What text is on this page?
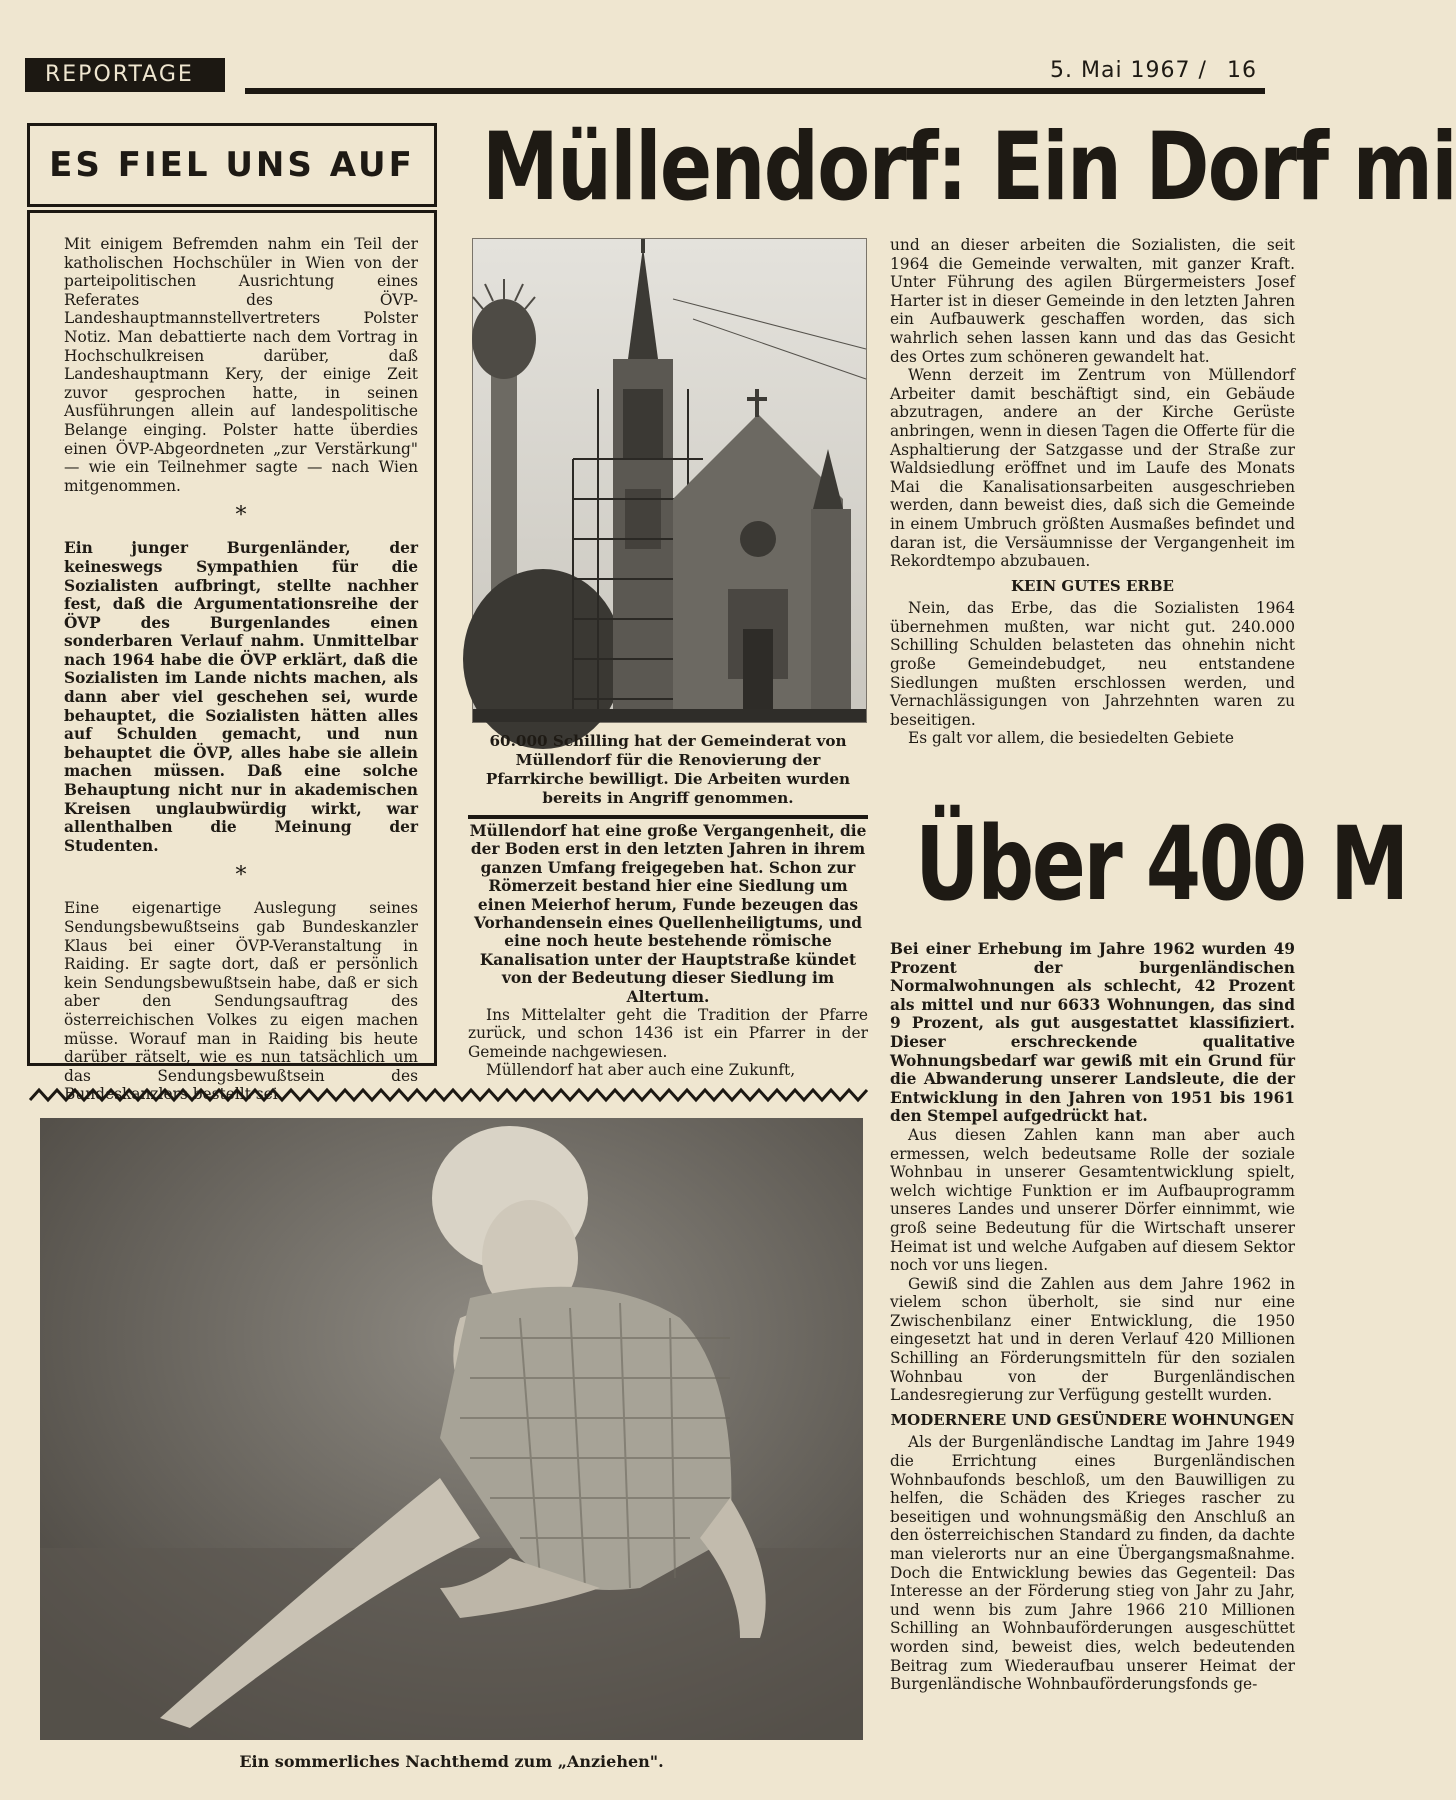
REPORTAGE	5. Mai 1967 / 16
ES FIEL UNS AUF

Mit einigem Befremden nahm ein Teil der katholischen Hochschüler in Wien von der parteipolitischen Ausrichtung eines Referates des ÖVP-Landeshauptmannstellvertreters Polster Notiz. Man debattierte nach dem Vortrag in Hochschulkreisen darüber, daß Landeshauptmann Kery, der einige Zeit zuvor gesprochen hatte, in seinen Ausführungen allein auf landespolitische Belange einging. Polster hatte überdies einen ÖVP-Abgeordneten „zur Verstärkung" — wie ein Teilnehmer sagte — nach Wien mitgenommen.

*

Ein junger Burgenländer, der keineswegs Sympathien für die Sozialisten aufbringt, stellte nachher fest, daß die Argumentationsreihe der ÖVP des Burgenlandes einen sonderbaren Verlauf nahm. Unmittelbar nach 1964 habe die ÖVP erklärt, daß die Sozialisten im Lande nichts machen, als dann aber viel geschehen sei, wurde behauptet, die Sozialisten hätten alles auf Schulden gemacht, und nun behauptet die ÖVP, alles habe sie allein machen müssen. Daß eine solche Behauptung nicht nur in akademischen Kreisen unglaubwürdig wirkt, war allenthalben die Meinung der Studenten.

*

Eine eigenartige Auslegung seines Sendungsbewußtseins gab Bundeskanzler Klaus bei einer ÖVP-Veranstaltung in Raiding. Er sagte dort, daß er persönlich kein Sendungsbewußtsein habe, daß er sich aber den Sendungsauftrag des österreichischen Volkes zu eigen machen müsse. Worauf man in Raiding bis heute darüber rätselt, wie es nun tatsächlich um das Sendungsbewußtsein des Bundeskanzlers bestellt sei.

Müllendorf: Ein Dorf mi
60.000 Schilling hat der Gemeinderat von Müllendorf für die Renovierung der Pfarrkirche bewilligt. Die Arbeiten wurden bereits in Angriff genommen.

Müllendorf hat eine große Vergangenheit, die der Boden erst in den letzten Jahren in ihrem ganzen Umfang freigegeben hat. Schon zur Römerzeit bestand hier eine Siedlung um einen Meierhof herum, Funde bezeugen das Vorhandensein eines Quellenheiligtums, und eine noch heute bestehende römische Kanalisation unter der Hauptstraße kündet von der Bedeutung dieser Siedlung im Altertum.

Ins Mittelalter geht die Tradition der Pfarre zurück, und schon 1436 ist ein Pfarrer in der Gemeinde nachgewiesen.

Müllendorf hat aber auch eine Zukunft,

und an dieser arbeiten die Sozialisten, die seit 1964 die Gemeinde verwalten, mit ganzer Kraft. Unter Führung des agilen Bürgermeisters Josef Harter ist in dieser Gemeinde in den letzten Jahren ein Aufbauwerk geschaffen worden, das sich wahrlich sehen lassen kann und das das Gesicht des Ortes zum schöneren gewandelt hat.

Wenn derzeit im Zentrum von Müllendorf Arbeiter damit beschäftigt sind, ein Gebäude abzutragen, andere an der Kirche Gerüste anbringen, wenn in diesen Tagen die Offerte für die Asphaltierung der Satzgasse und der Straße zur Waldsiedlung eröffnet und im Laufe des Monats Mai die Kanalisationsarbeiten ausgeschrieben werden, dann beweist dies, daß sich die Gemeinde in einem Umbruch größten Ausmaßes befindet und daran ist, die Versäumnisse der Vergangenheit im Rekordtempo abzubauen.

KEIN GUTES ERBE

Nein, das Erbe, das die Sozialisten 1964 übernehmen mußten, war nicht gut. 240.000 Schilling Schulden belasteten das ohnehin nicht große Gemeindebudget, neu entstandene Siedlungen mußten erschlossen werden, und Vernachlässigungen von Jahrzehnten waren zu beseitigen.

Es galt vor allem, die besiedelten Gebiete

Über 400 M

Bei einer Erhebung im Jahre 1962 wurden 49 Prozent der burgenländischen Normalwohnungen als schlecht, 42 Prozent als mittel und nur 6633 Wohnungen, das sind 9 Prozent, als gut ausgestattet klassifiziert. Dieser erschreckende qualitative Wohnungsbedarf war gewiß mit ein Grund für die Abwanderung unserer Landsleute, die der Entwicklung in den Jahren von 1951 bis 1961 den Stempel aufgedrückt hat.

Aus diesen Zahlen kann man aber auch ermessen, welch bedeutsame Rolle der soziale Wohnbau in unserer Gesamtentwicklung spielt, welch wichtige Funktion er im Aufbauprogramm unseres Landes und unserer Dörfer einnimmt, wie groß seine Bedeutung für die Wirtschaft unserer Heimat ist und welche Aufgaben auf diesem Sektor noch vor uns liegen.

Gewiß sind die Zahlen aus dem Jahre 1962 in vielem schon überholt, sie sind nur eine Zwischenbilanz einer Entwicklung, die 1950 eingesetzt hat und in deren Verlauf 420 Millionen Schilling an Förderungsmitteln für den sozialen Wohnbau von der Burgenländischen Landesregierung zur Verfügung gestellt wurden.

MODERNERE UND GESÜNDERE WOHNUNGEN

Als der Burgenländische Landtag im Jahre 1949 die Errichtung eines Burgenländischen Wohnbaufonds beschloß, um den Bauwilligen zu helfen, die Schäden des Krieges rascher zu beseitigen und wohnungsmäßig den Anschluß an den österreichischen Standard zu finden, da dachte man vielerorts nur an eine Übergangsmaßnahme. Doch die Entwicklung bewies das Gegenteil: Das Interesse an der Förderung stieg von Jahr zu Jahr, und wenn bis zum Jahre 1966 210 Millionen Schilling an Wohnbauförderungen ausgeschüttet worden sind, beweist dies, welch bedeutenden Beitrag zum Wiederaufbau unserer Heimat der Burgenländische Wohnbauförderungsfonds ge-

Ein sommerliches Nachthemd zum „Anziehen".
